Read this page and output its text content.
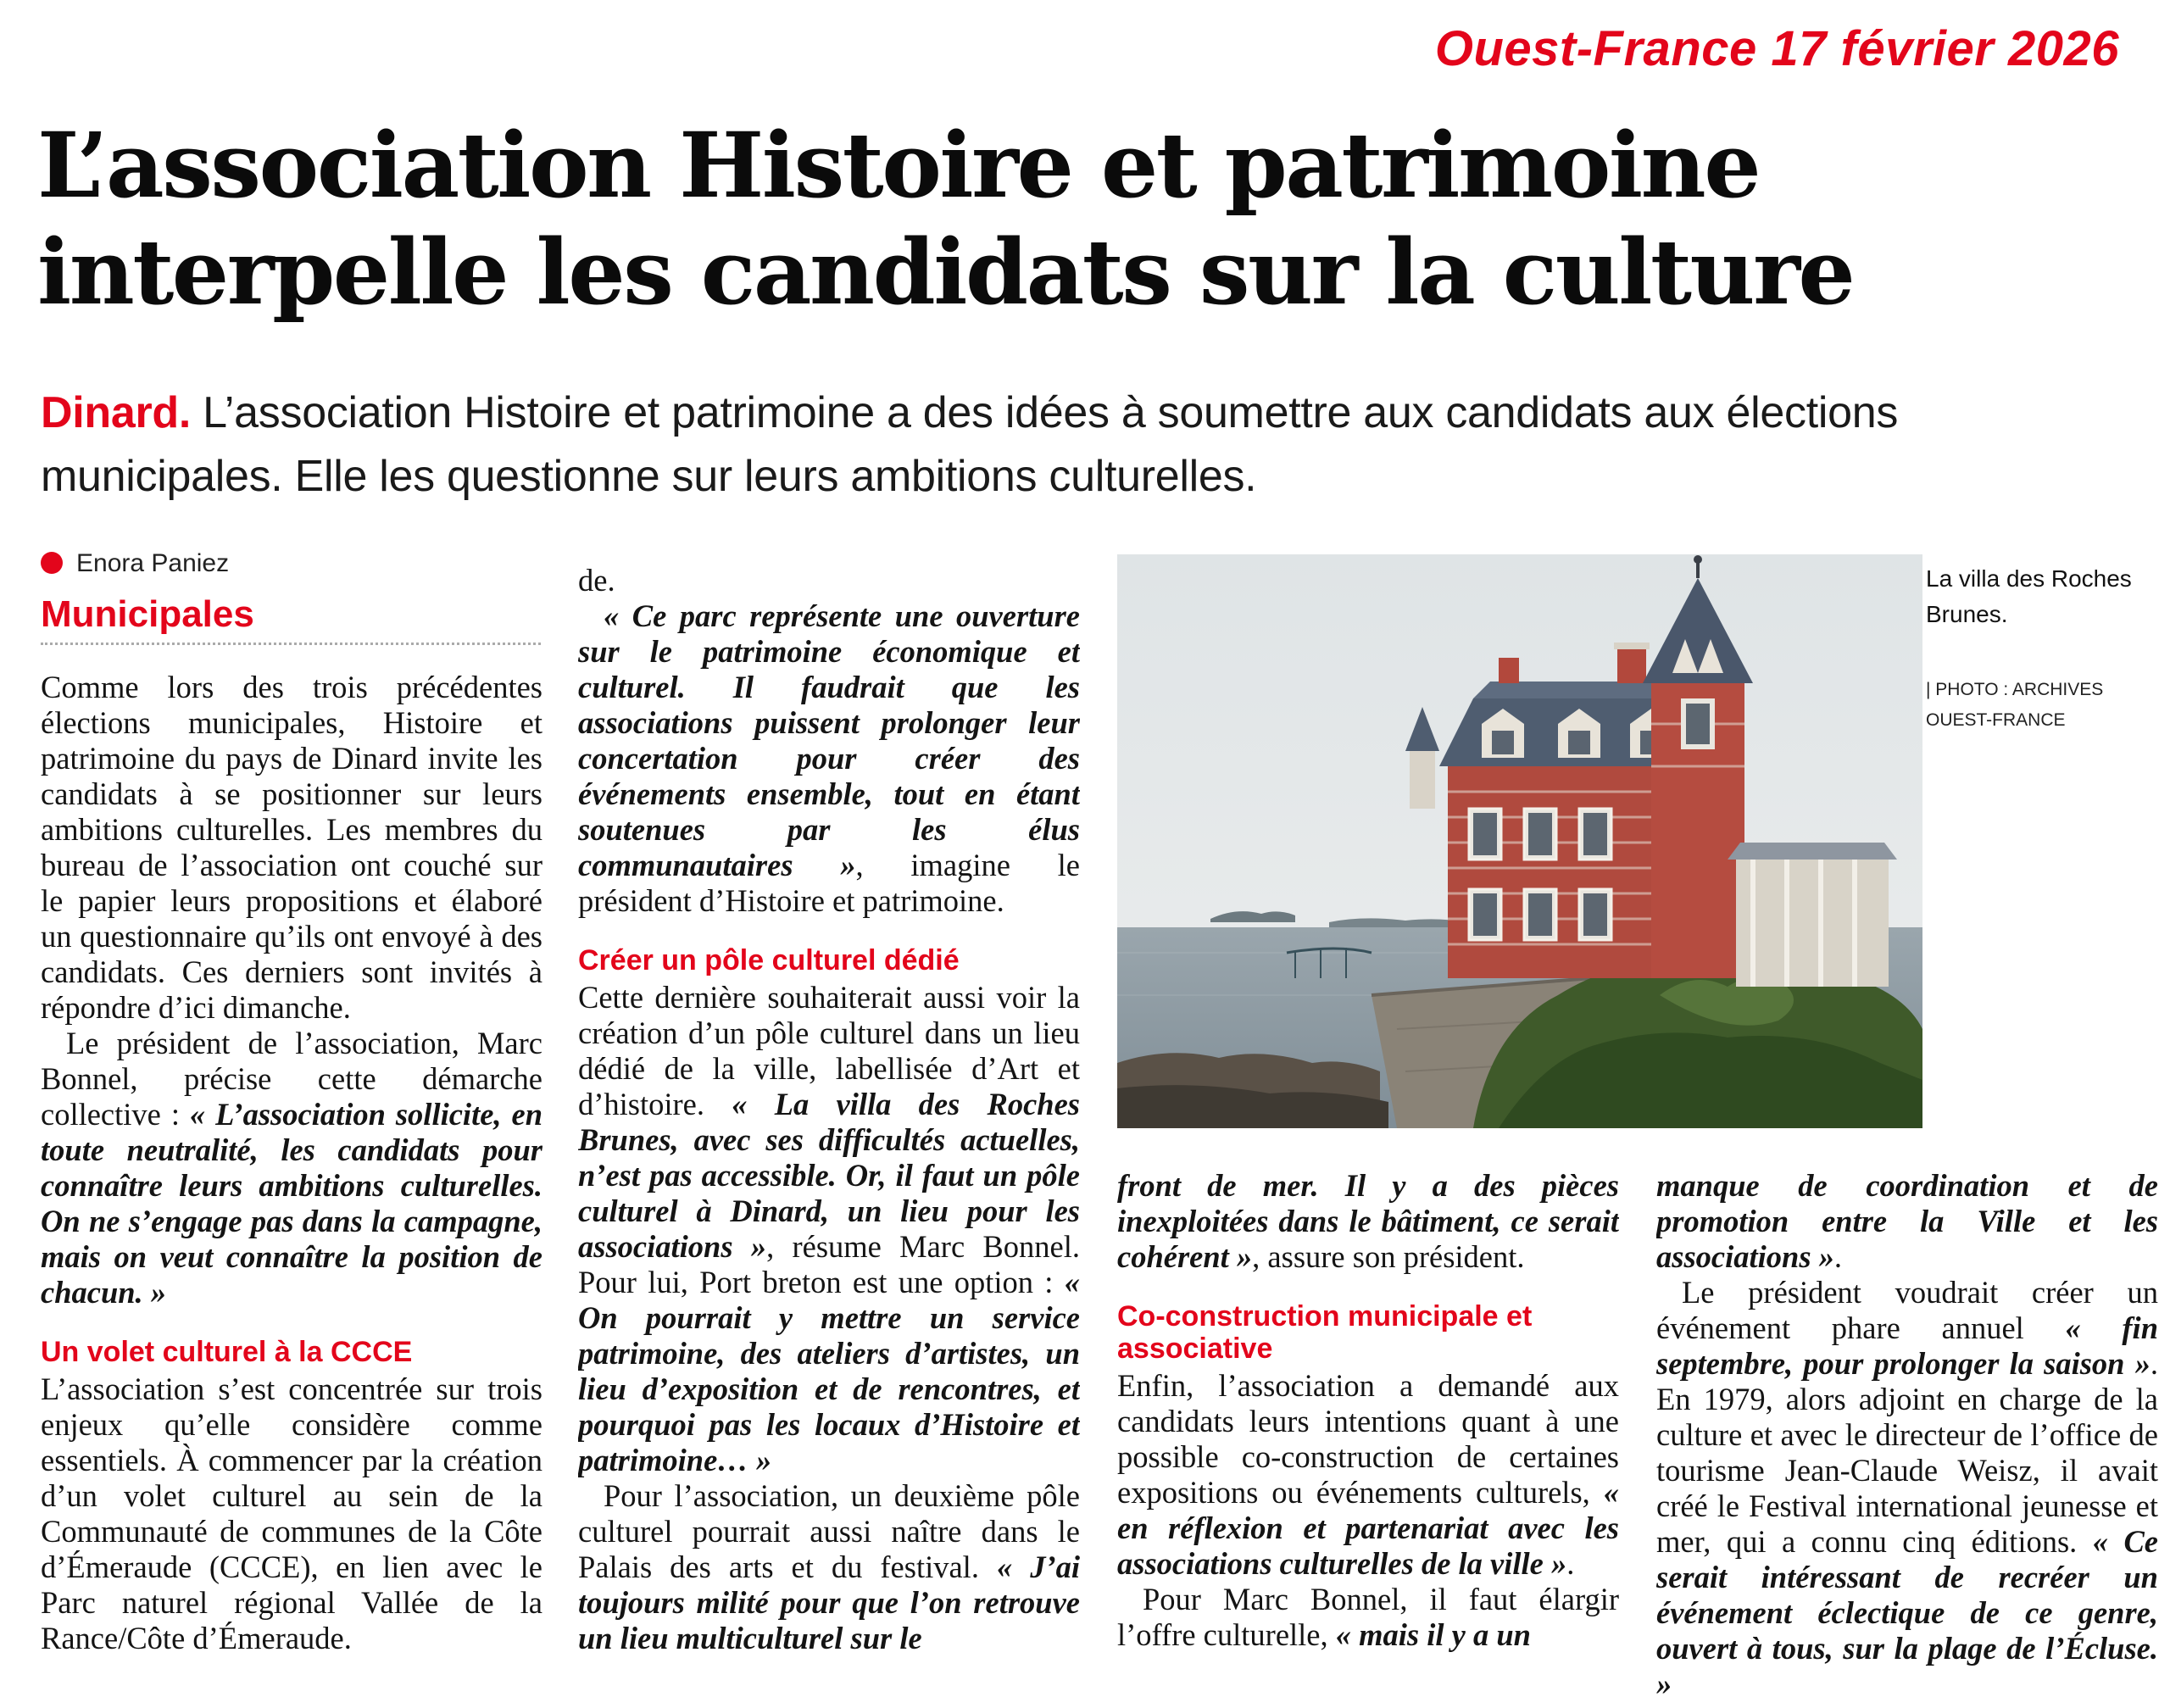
Ouest-France 17 février 2026
L’association Histoire et patrimoine
interpelle les candidats sur la culture
Dinard. L’association Histoire et patrimoine a des idées à soumettre aux candidats aux élections municipales. Elle les questionne sur leurs ambitions culturelles.
Enora Paniez
Municipales

Comme lors des trois précédentes élections municipales, Histoire et patrimoine du pays de Dinard invite les candidats à se positionner sur leurs ambitions culturelles. Les membres du bureau de l’association ont couché sur le papier leurs propositions et élaboré un questionnaire qu’ils ont envoyé à des candidats. Ces derniers sont invités à répondre d’ici dimanche.

Le président de l’association, Marc Bonnel, précise cette démarche collective : « L’association sollicite, en toute neutralité, les candidats pour connaître leurs ambitions culturelles. On ne s’engage pas dans la campagne, mais on veut connaître la position de chacun. »

Un volet culturel à la CCCE

L’association s’est concentrée sur trois enjeux qu’elle considère comme essentiels. À commencer par la création d’un volet culturel au sein de la Communauté de communes de la Côte d’Émeraude (CCCE), en lien avec le Parc naturel régional Vallée de la Rance/Côte d’Émeraude.

de.

« Ce parc représente une ouverture sur le patrimoine économique et culturel. Il faudrait que les associations puissent prolonger leur concertation pour créer des événements ensemble, tout en étant soutenues par les élus communautaires », imagine le président d’Histoire et patrimoine.

Créer un pôle culturel dédié

Cette dernière souhaiterait aussi voir la création d’un pôle culturel dans un lieu dédié de la ville, labellisée d’Art et d’histoire. « La villa des Roches Brunes, avec ses difficultés actuelles, n’est pas accessible. Or, il faut un pôle culturel à Dinard, un lieu pour les associations », résume Marc Bonnel. Pour lui, Port breton est une option : « On pourrait y mettre un service patrimoine, des ateliers d’artistes, un lieu d’exposition et de rencontres, et pourquoi pas les locaux d’Histoire et patrimoine… »

Pour l’association, un deuxième pôle culturel pourrait aussi naître dans le Palais des arts et du festival. « J’ai toujours milité pour que l’on retrouve un lieu multiculturel sur le

La villa des Roches Brunes.
| PHOTO : ARCHIVES OUEST-FRANCE

front de mer. Il y a des pièces inexploitées dans le bâtiment, ce serait cohérent », assure son président.

Co-construction municipale et associative

Enfin, l’association a demandé aux candidats leurs intentions quant à une possible co-construction de certaines expositions ou événements culturels, « en réflexion et partenariat avec les associations culturelles de la ville ».

Pour Marc Bonnel, il faut élargir l’offre culturelle, « mais il y a un

manque de coordination et de promotion entre la Ville et les associations ».

Le président voudrait créer un événement phare annuel « fin septembre, pour prolonger la saison ». En 1979, alors adjoint en charge de la culture et avec le directeur de l’office de tourisme Jean-Claude Weisz, il avait créé le Festival international jeunesse et mer, qui a connu cinq éditions. « Ce serait intéressant de recréer un événement éclectique de ce genre, ouvert à tous, sur la plage de l’Écluse. »
